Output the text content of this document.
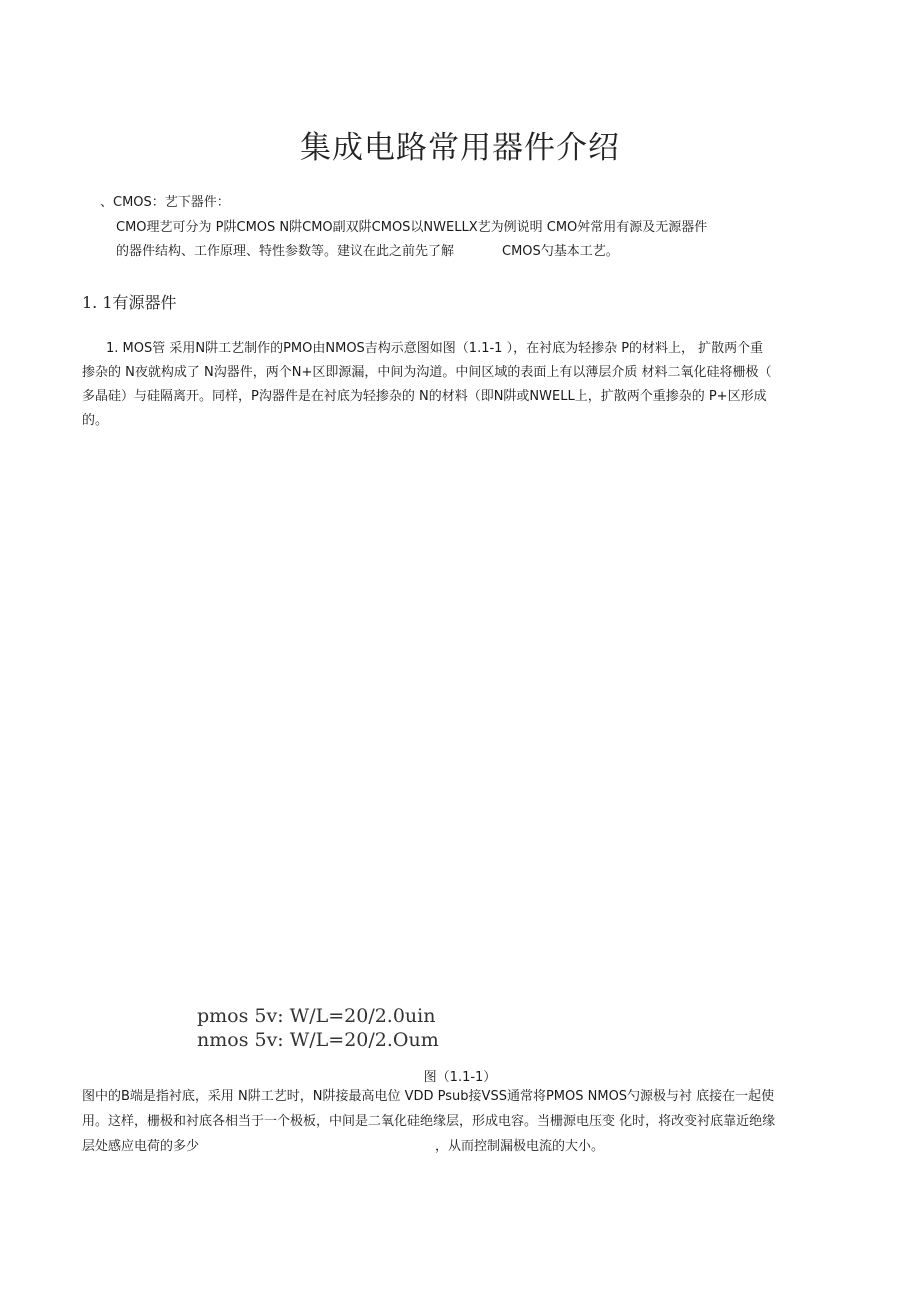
集成电路常用器件介绍
、CMOS：艺下器件：
CMO理艺可分为 P阱CMOS N阱CMO副双阱CMOS以NWELLX艺为例说明 CMO舛常用有源及无源器件
的器件结构、工作原理、特性参数等。建议在此之前先了解	CMOS勺基本工艺。
1. 1有源器件
1. MOS管 采用N阱工艺制作的PMO由NMOS吉构示意图如图（1.1-1 ），在衬底为轻掺杂 P的材料上， 扩散两个重
掺杂的 N夜就构成了 N沟器件，两个N+区即源漏，中间为沟道。中间区域的表面上有以薄层介质 材料二氧化硅将栅极（
多晶硅）与硅隔离开。同样，P沟器件是在衬底为轻掺杂的 N的材料（即N阱或NWELL上，扩散两个重掺杂的 P+区形成
的。
pmos 5v: W/L=20/2.0uin
nmos 5v: W/L=20/2.Oum
图（1.1-1）
图中的B端是指衬底，采用 N阱工艺时，N阱接最高电位 VDD Psub接VSS通常将PMOS NMOS勺源极与衬 底接在一起使
用。这样，栅极和衬底各相当于一个极板，中间是二氧化硅绝缘层，形成电容。当栅源电压变 化时，将改变衬底靠近绝缘
层处感应电荷的多少	，从而控制漏极电流的大小。
